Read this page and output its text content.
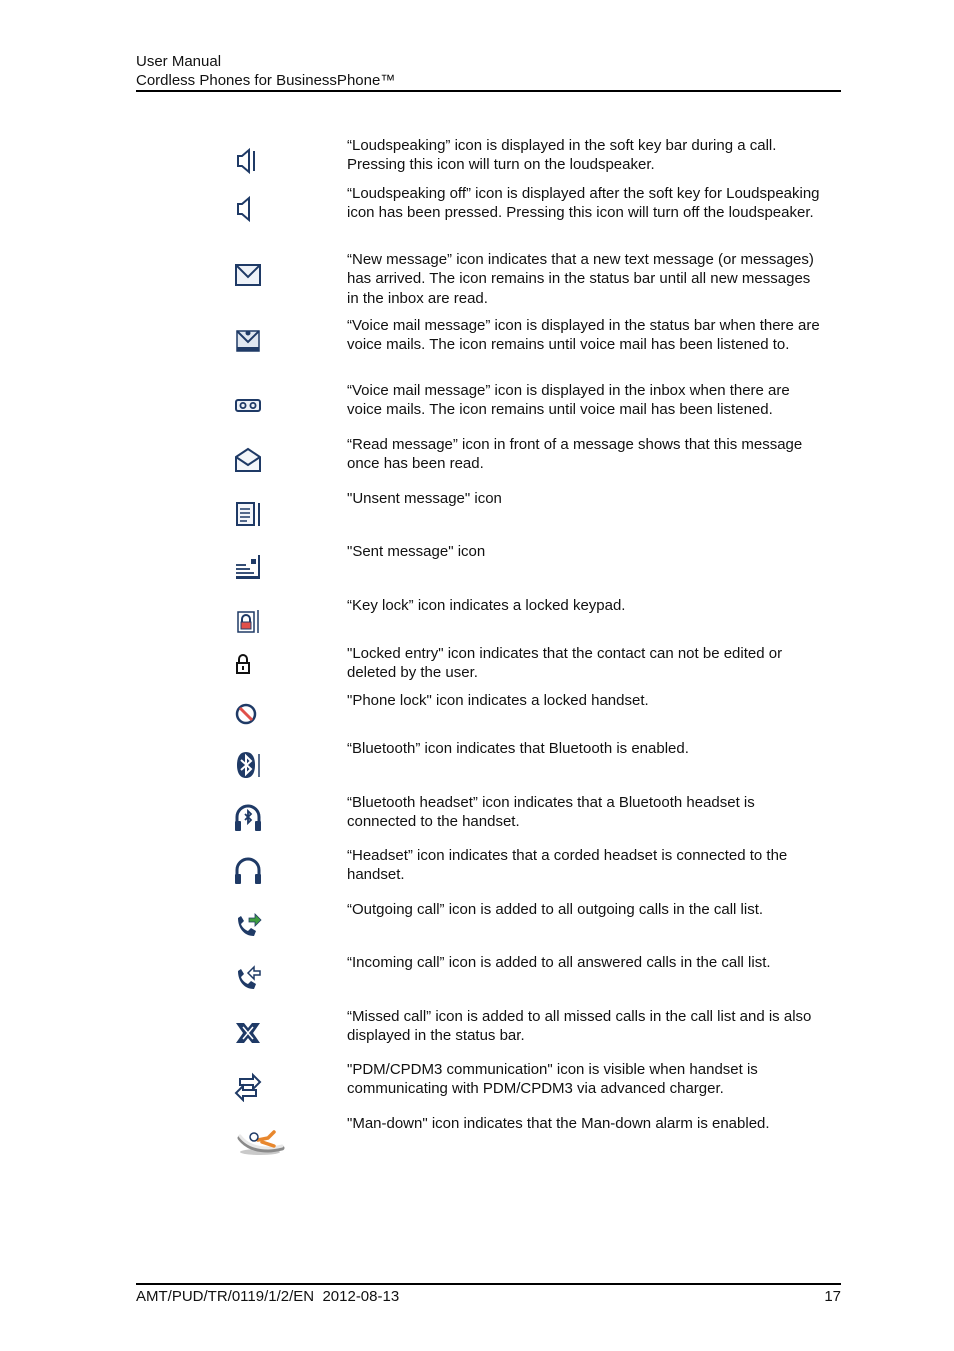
User Manual
Cordless Phones for BusinessPhone™
“Loudspeaking” icon is displayed in the soft key bar during a call. Pressing this icon will turn on the loudspeaker.
“Loudspeaking off” icon is displayed after the soft key for Loudspeaking icon has been pressed. Pressing this icon will turn off the loudspeaker.
“New message” icon indicates that a new text message (or messages) has arrived. The icon remains in the status bar until all new messages in the inbox are read.
“Voice mail message” icon is displayed in the status bar when there are voice mails. The icon remains until voice mail has been listened to.
“Voice mail message” icon is displayed in the inbox when there are voice mails. The icon remains until voice mail has been listened.
“Read message” icon in front of a message shows that this message once has been read.
"Unsent message" icon
"Sent message" icon
“Key lock” icon indicates a locked keypad.
"Locked entry" icon indicates that the contact can not be edited or deleted by the user.
"Phone lock" icon indicates a locked handset.
“Bluetooth” icon indicates that Bluetooth is enabled.
“Bluetooth headset” icon indicates that a Bluetooth headset is connected to the handset.
“Headset” icon indicates that a corded headset is connected to the handset.
“Outgoing call” icon is added to all outgoing calls in the call list.
“Incoming call” icon is added to all answered calls in the call list.
“Missed call” icon is added to all missed calls in the call list and is also displayed in the status bar.
"PDM/CPDM3 communication" icon is visible when handset is communicating with PDM/CPDM3 via advanced charger.
"Man-down" icon indicates that the Man-down alarm is enabled.
AMT/PUD/TR/0119/1/2/EN  2012-08-13	17
